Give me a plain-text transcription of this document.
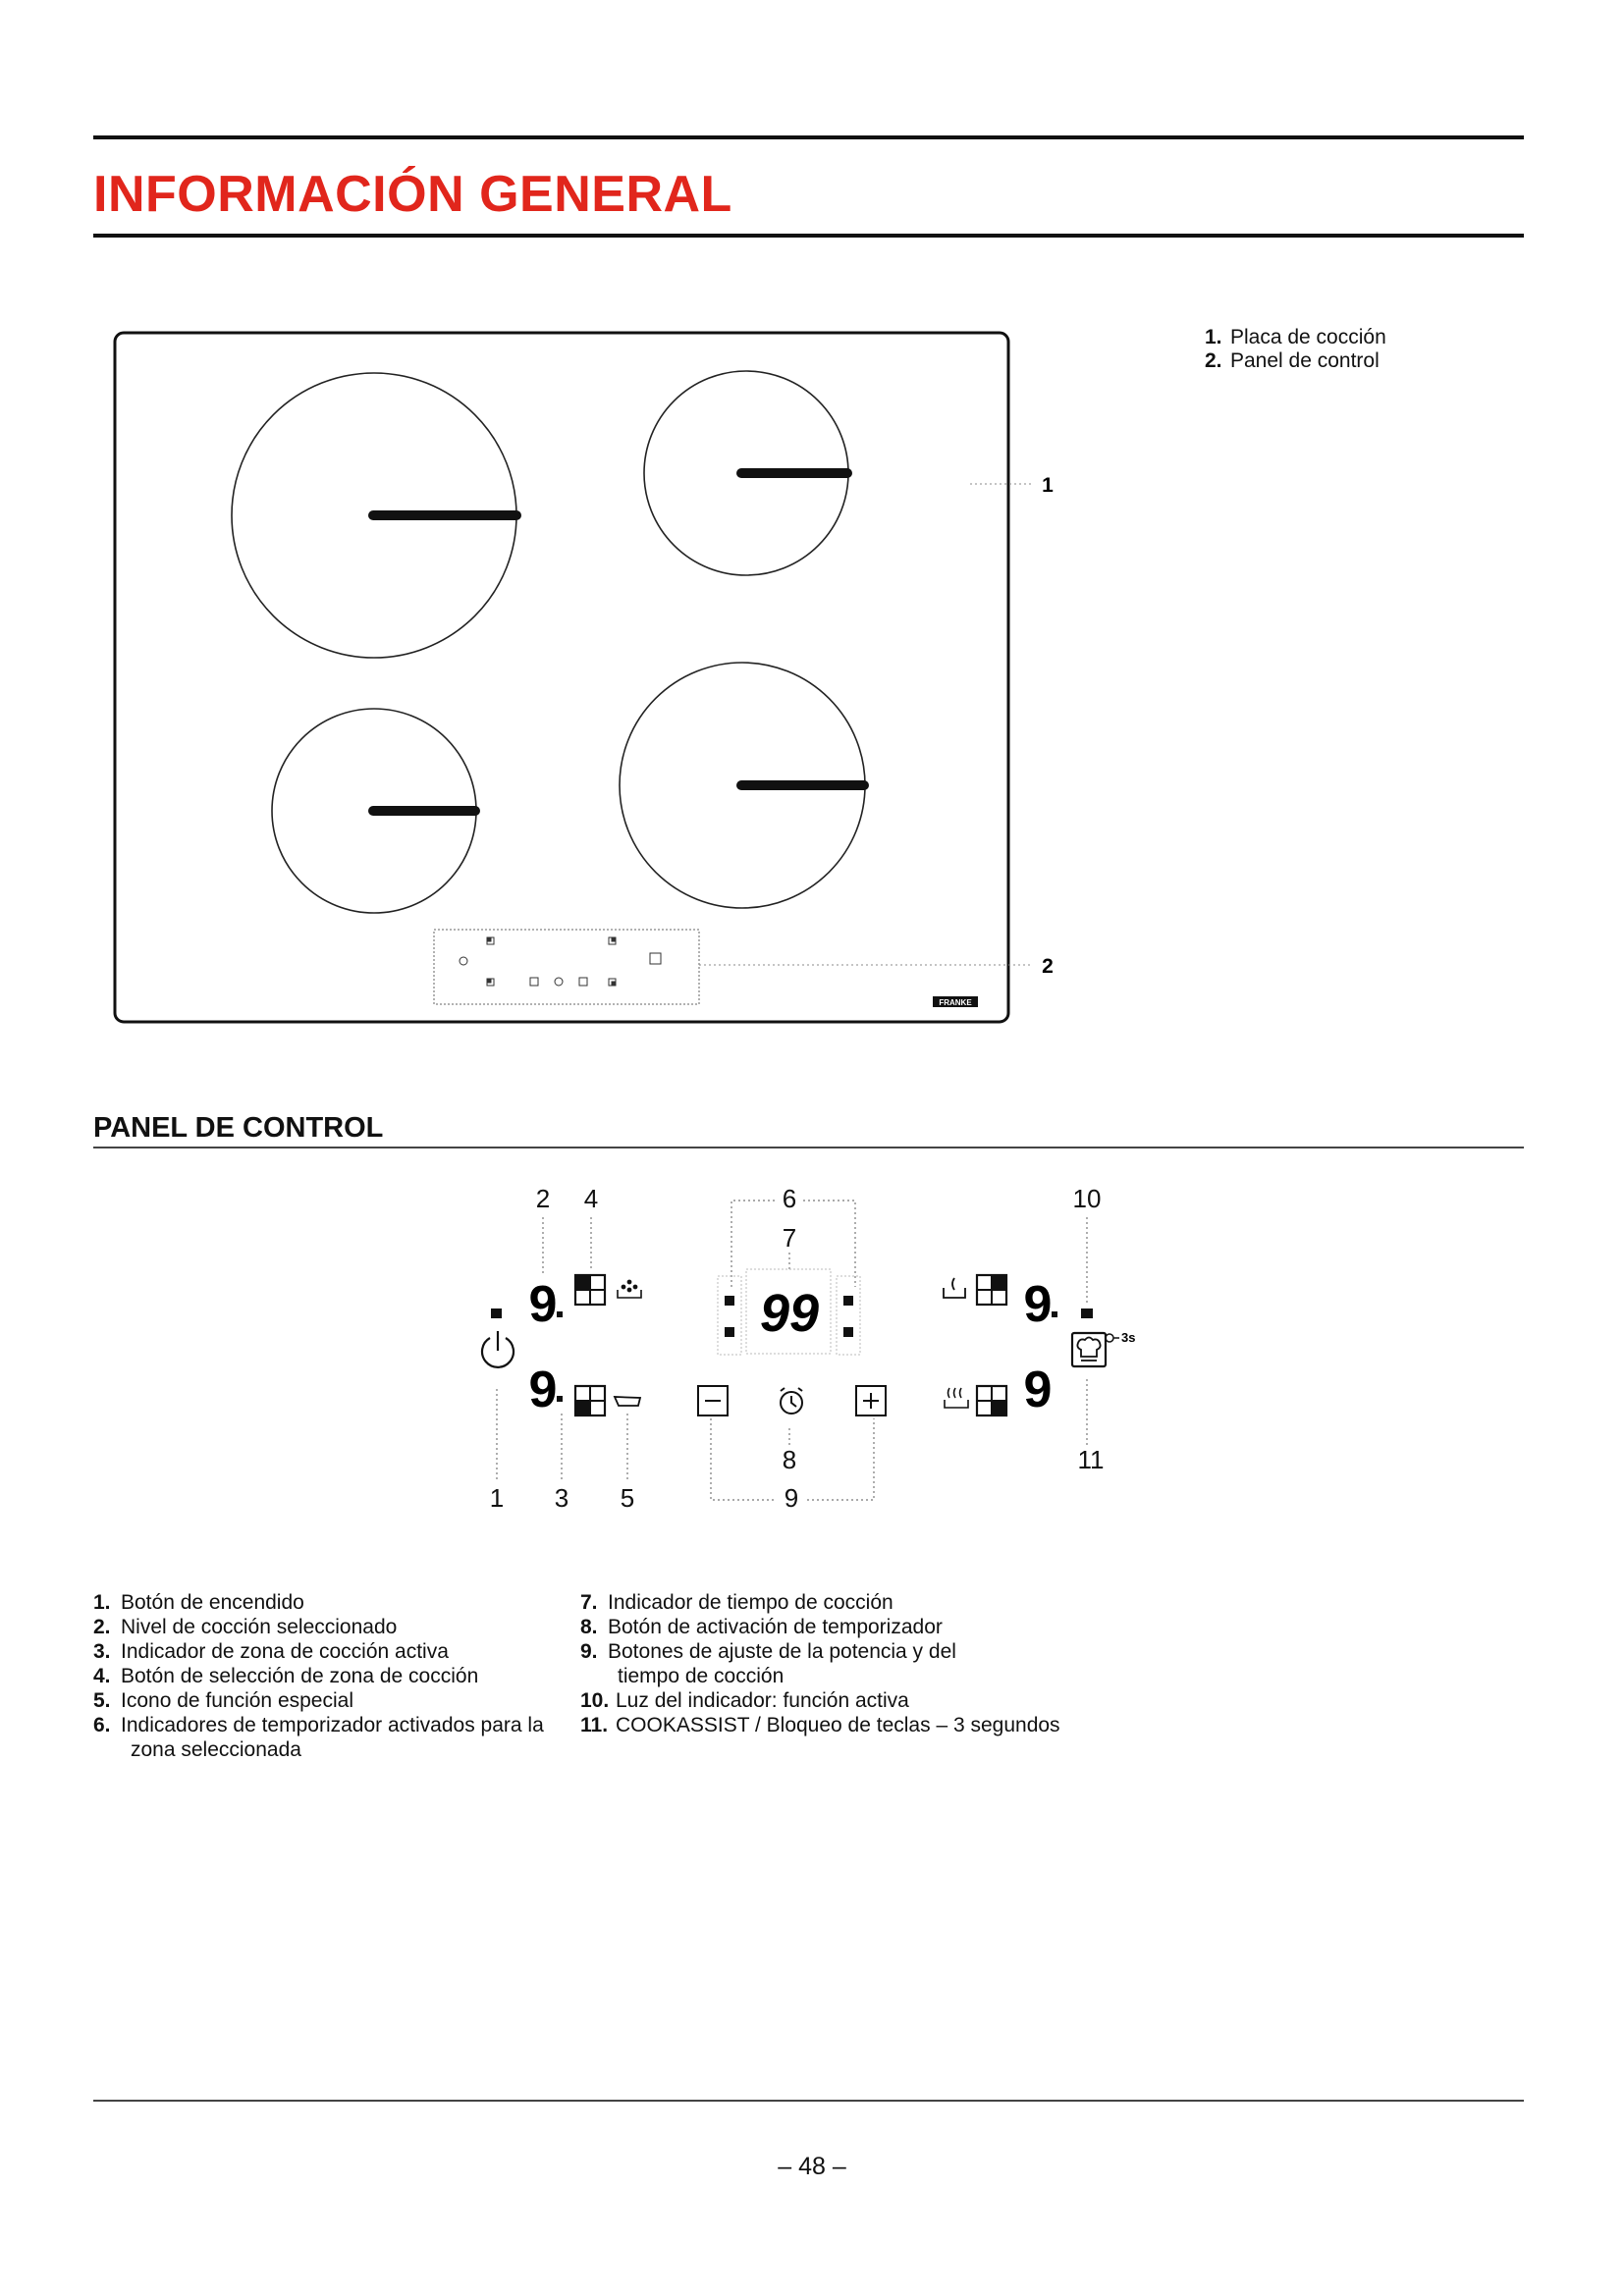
INFORMACIÓN GENERAL
FRANKE
1
2
1. Placa de cocción
2. Panel de control
PANEL DE CONTROL
2 4	6
7
10
8	11
1 3 5	9
9
9
99	9
9
3s
1. Botón de encendido
2. Nivel de cocción seleccionado
3. Indicador de zona de cocción activa
4. Botón de selección de zona de cocción
5. Icono de función especial
6. Indicadores de temporizador activados para la zona seleccionada
7. Indicador de tiempo de cocción
8. Botón de activación de temporizador
9. Botones de ajuste de la potencia y del tiempo de cocción
10. Luz del indicador: función activa
11. COOKASSIST / Bloqueo de teclas – 3 segundos
– 48 –
